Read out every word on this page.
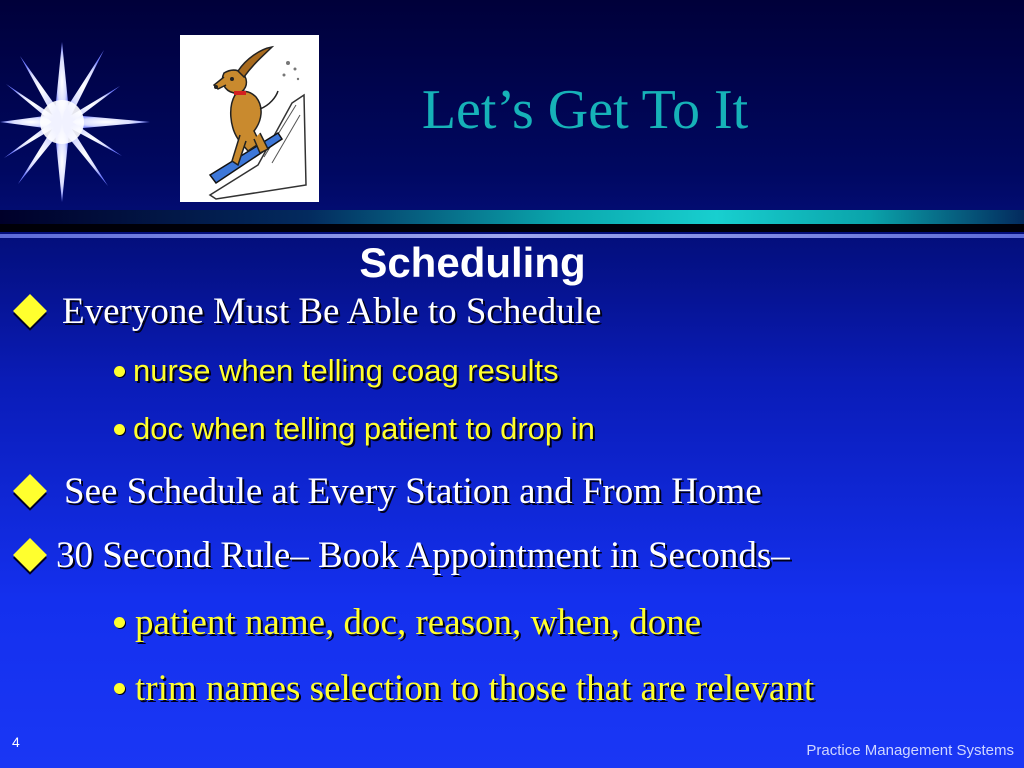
Let’s Get To It
Scheduling
Everyone Must Be Able to Schedule
nurse when telling coag results
doc when telling patient to drop in
See Schedule at Every Station and From Home
30 Second Rule– Book Appointment in Seconds–
patient name, doc, reason, when, done
trim names selection to those that are relevant
4	Practice Management Systems
